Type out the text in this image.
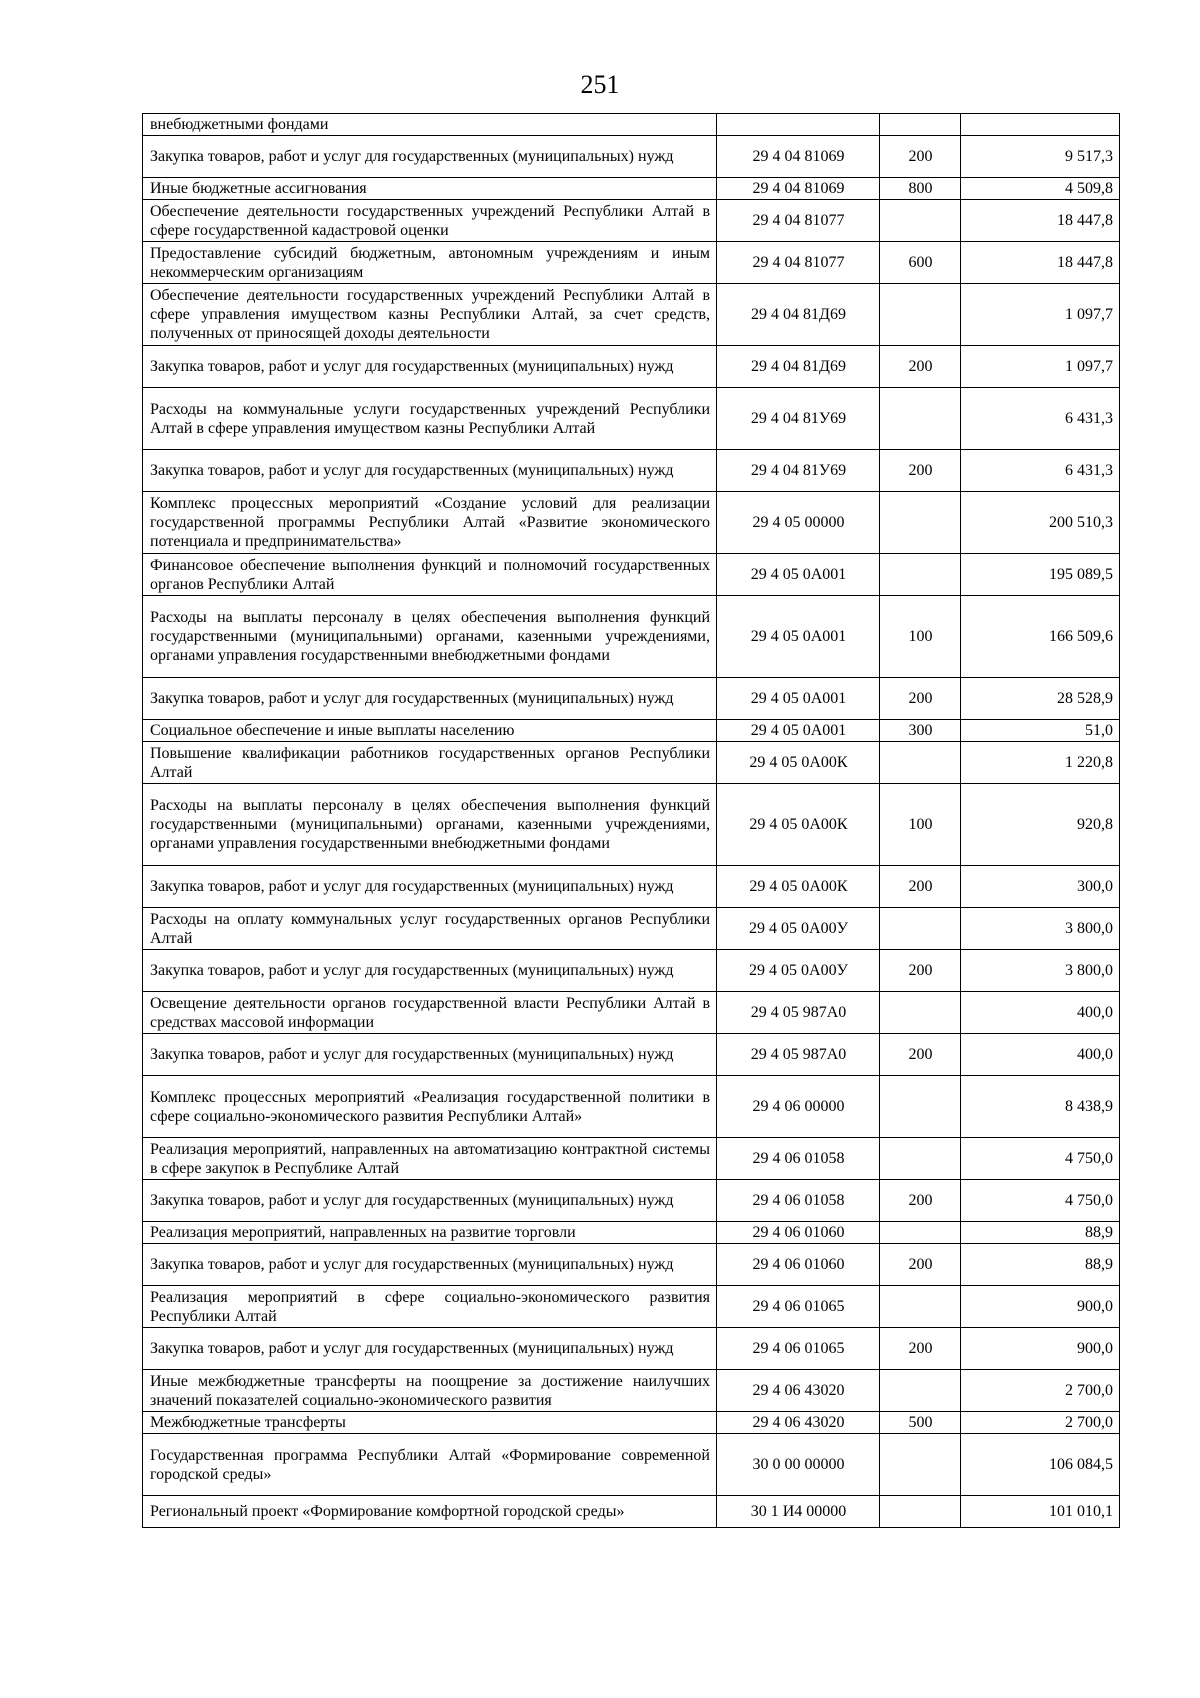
251
внебюджетными фондами			
Закупка товаров, работ и услуг для государственных (муниципальных) нужд	29 4 04 81069	200	9 517,3
Иные бюджетные ассигнования	29 4 04 81069	800	4 509,8
Обеспечение деятельности государственных учреждений Республики Алтай в сфере государственной кадастровой оценки	29 4 04 81077		18 447,8
Предоставление субсидий бюджетным, автономным учреждениям и иным некоммерческим организациям	29 4 04 81077	600	18 447,8
Обеспечение деятельности государственных учреждений Республики Алтай в сфере управления имуществом казны Республики Алтай, за счет средств, полученных от приносящей доходы деятельности	29 4 04 81Д69		1 097,7
Закупка товаров, работ и услуг для государственных (муниципальных) нужд	29 4 04 81Д69	200	1 097,7
Расходы на коммунальные услуги государственных учреждений Республики Алтай в сфере управления имуществом казны Республики Алтай	29 4 04 81У69		6 431,3
Закупка товаров, работ и услуг для государственных (муниципальных) нужд	29 4 04 81У69	200	6 431,3
Комплекс процессных мероприятий «Создание условий для реализации государственной программы Республики Алтай «Развитие экономического потенциала и предпринимательства»	29 4 05 00000		200 510,3
Финансовое обеспечение выполнения функций и полномочий государственных органов Республики Алтай	29 4 05 0А001		195 089,5
Расходы на выплаты персоналу в целях обеспечения выполнения функций государственными (муниципальными) органами, казенными учреждениями, органами управления государственными внебюджетными фондами	29 4 05 0А001	100	166 509,6
Закупка товаров, работ и услуг для государственных (муниципальных) нужд	29 4 05 0А001	200	28 528,9
Социальное обеспечение и иные выплаты населению	29 4 05 0А001	300	51,0
Повышение квалификации работников государственных органов Республики Алтай	29 4 05 0А00К		1 220,8
Расходы на выплаты персоналу в целях обеспечения выполнения функций государственными (муниципальными) органами, казенными учреждениями, органами управления государственными внебюджетными фондами	29 4 05 0А00К	100	920,8
Закупка товаров, работ и услуг для государственных (муниципальных) нужд	29 4 05 0А00К	200	300,0
Расходы на оплату коммунальных услуг государственных органов Республики Алтай	29 4 05 0А00У		3 800,0
Закупка товаров, работ и услуг для государственных (муниципальных) нужд	29 4 05 0А00У	200	3 800,0
Освещение деятельности органов государственной власти Республики Алтай в средствах массовой информации	29 4 05 987А0		400,0
Закупка товаров, работ и услуг для государственных (муниципальных) нужд	29 4 05 987А0	200	400,0
Комплекс процессных мероприятий «Реализация государственной политики в сфере социально-экономического развития Республики Алтай»	29 4 06 00000		8 438,9
Реализация мероприятий, направленных на автоматизацию контрактной системы в сфере закупок в Республике Алтай	29 4 06 01058		4 750,0
Закупка товаров, работ и услуг для государственных (муниципальных) нужд	29 4 06 01058	200	4 750,0
Реализация мероприятий, направленных на развитие торговли	29 4 06 01060		88,9
Закупка товаров, работ и услуг для государственных (муниципальных) нужд	29 4 06 01060	200	88,9
Реализация мероприятий в сфере социально-экономического развития Республики Алтай	29 4 06 01065		900,0
Закупка товаров, работ и услуг для государственных (муниципальных) нужд	29 4 06 01065	200	900,0
Иные межбюджетные трансферты на поощрение за достижение наилучших значений показателей социально-экономического развития	29 4 06 43020		2 700,0
Межбюджетные трансферты	29 4 06 43020	500	2 700,0
Государственная программа Республики Алтай «Формирование современной городской среды»	30 0 00 00000		106 084,5
Региональный проект «Формирование комфортной городской среды»	30 1 И4 00000		101 010,1
